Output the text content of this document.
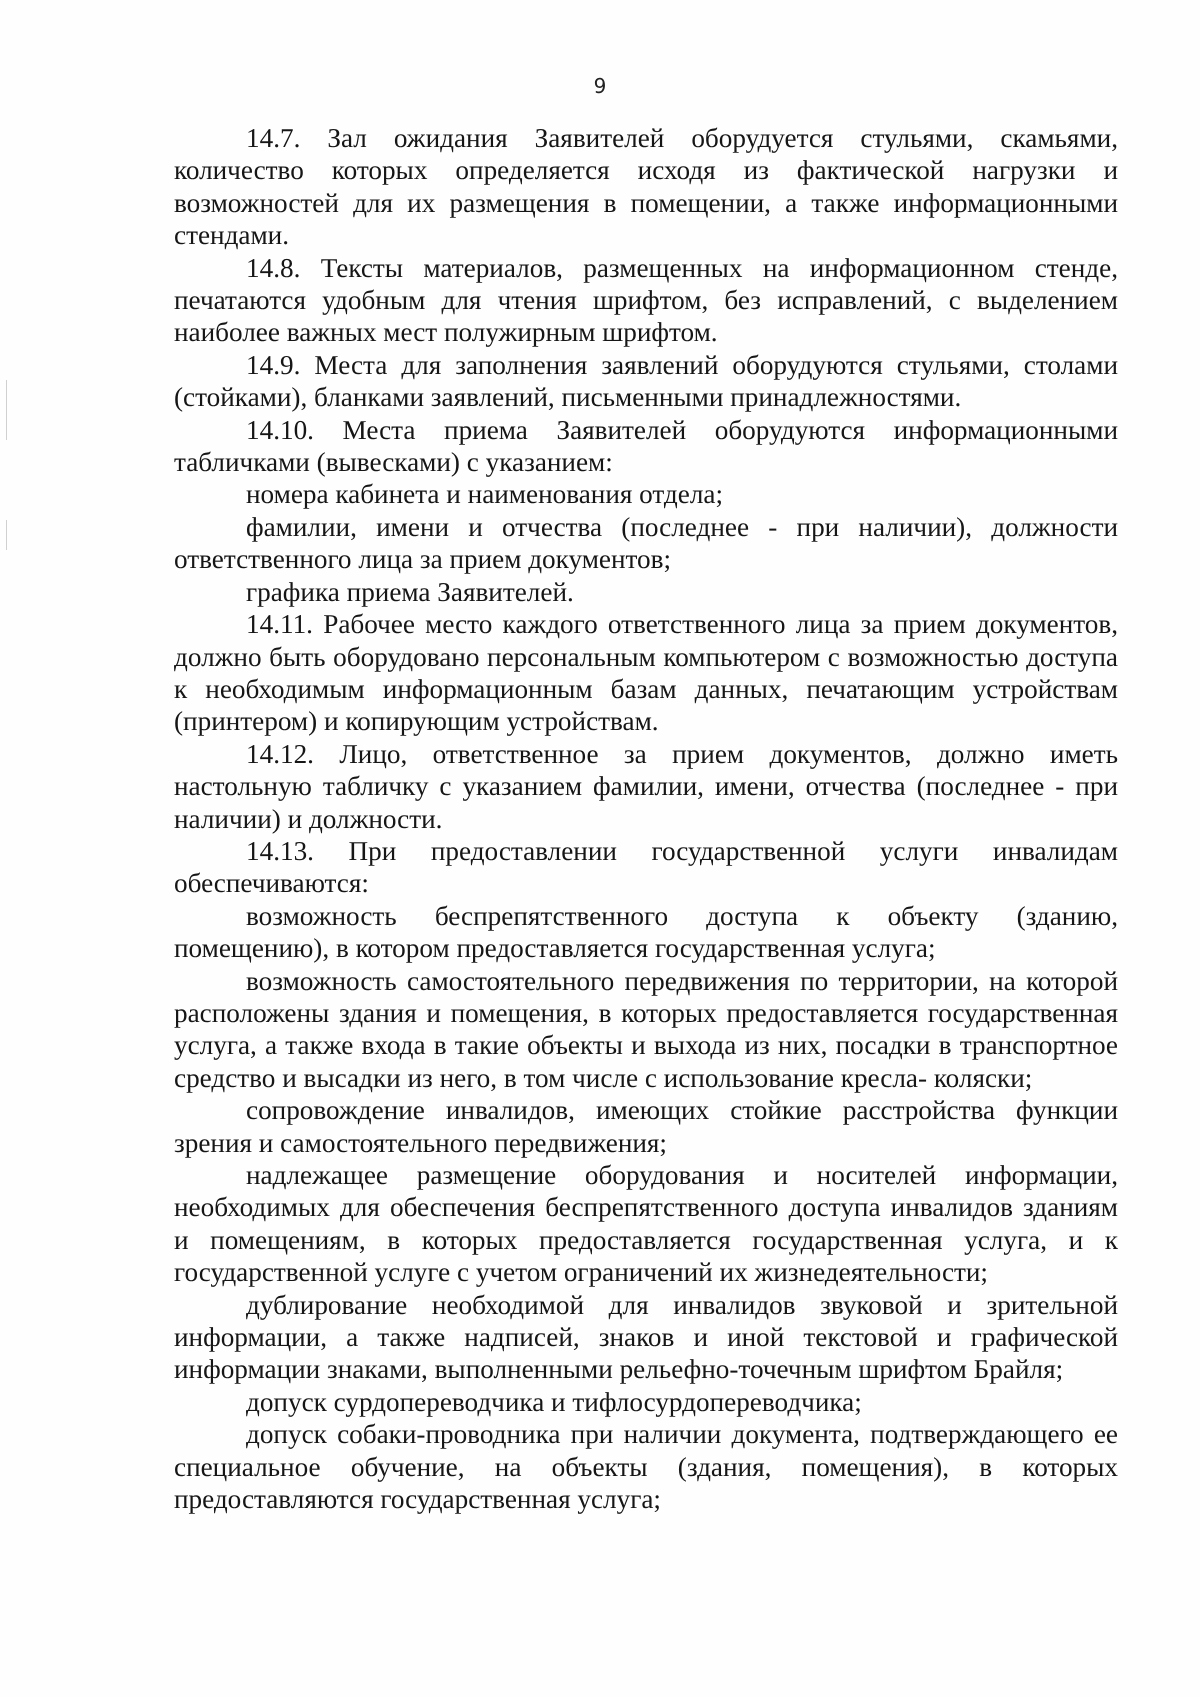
9

14.7. Зал ожидания Заявителей оборудуется стульями, скамьями, количество которых определяется исходя из фактической нагрузки и возможностей для их размещения в помещении, а также информационными стендами.

14.8. Тексты материалов, размещенных на информационном стенде, печатаются удобным для чтения шрифтом, без исправлений, с выделением наиболее важных мест полужирным шрифтом.

14.9. Места для заполнения заявлений оборудуются стульями, столами (стойками), бланками заявлений, письменными принадлежностями.

14.10. Места приема Заявителей оборудуются информационными табличками (вывесками) с указанием:

номера кабинета и наименования отдела;

фамилии, имени и отчества (последнее - при наличии), должности ответственного лица за прием документов;

графика приема Заявителей.

14.11. Рабочее место каждого ответственного лица за прием документов, должно быть оборудовано персональным компьютером с возможностью доступа к необходимым информационным базам данных, печатающим устройствам (принтером) и копирующим устройствам.

14.12. Лицо, ответственное за прием документов, должно иметь настольную табличку с указанием фамилии, имени, отчества (последнее - при наличии) и должности.

14.13. При предоставлении государственной услуги инвалидам обеспечиваются:

возможность беспрепятственного доступа к объекту (зданию, помещению), в котором предоставляется государственная услуга;

возможность самостоятельного передвижения по территории, на которой расположены здания и помещения, в которых предоставляется государственная услуга, а также входа в такие объекты и выхода из них, посадки в транспортное средство и высадки из него, в том числе с использование кресла- коляски;

сопровождение инвалидов, имеющих стойкие расстройства функции зрения и самостоятельного передвижения;

надлежащее размещение оборудования и носителей информации, необходимых для обеспечения беспрепятственного доступа инвалидов зданиям и помещениям, в которых предоставляется государственная услуга, и к государственной услуге с учетом ограничений их жизнедеятельности;

дублирование необходимой для инвалидов звуковой и зрительной информации, а также надписей, знаков и иной текстовой и графической информации знаками, выполненными рельефно-точечным шрифтом Брайля;

допуск сурдопереводчика и тифлосурдопереводчика;

допуск собаки-проводника при наличии документа, подтверждающего ее специальное обучение, на объекты (здания, помещения), в которых предоставляются государственная услуга;
